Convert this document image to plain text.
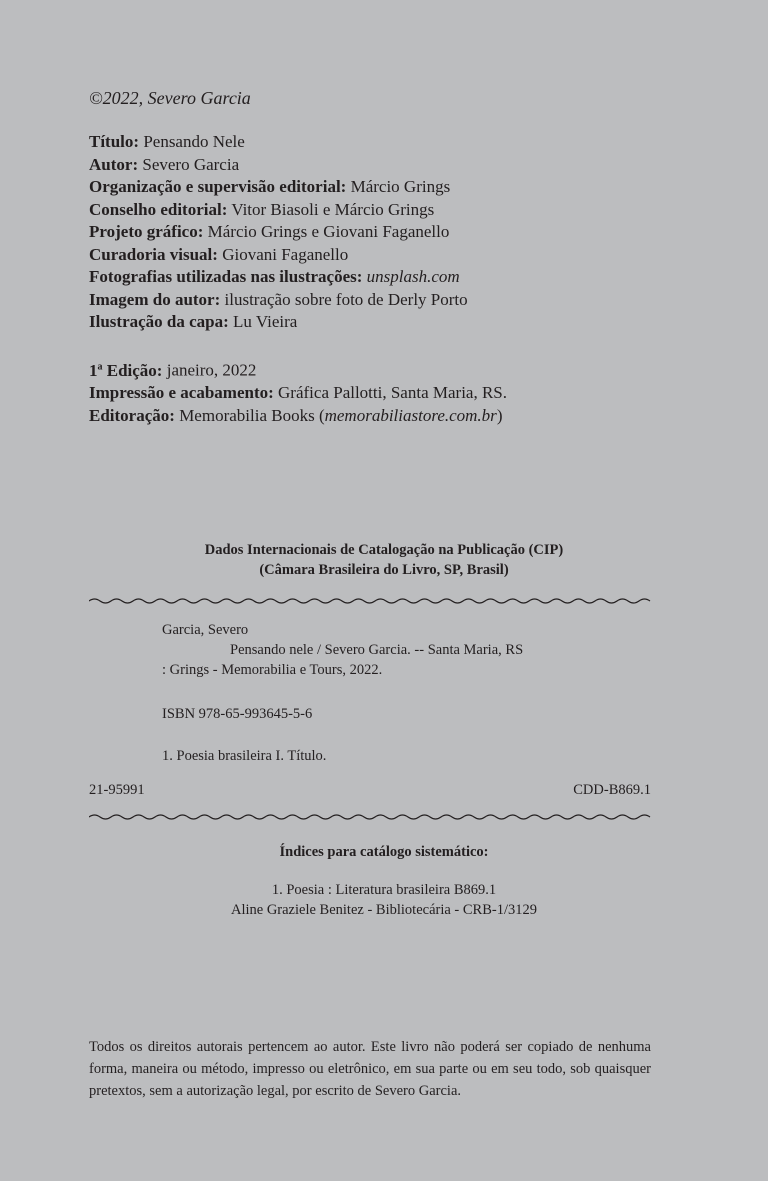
©2022, Severo Garcia
Título: Pensando Nele
Autor: Severo Garcia
Organização e supervisão editorial: Márcio Grings
Conselho editorial: Vitor Biasoli e Márcio Grings
Projeto gráfico: Márcio Grings e Giovani Faganello
Curadoria visual: Giovani Faganello
Fotografias utilizadas nas ilustrações: unsplash.com
Imagem do autor: ilustração sobre foto de Derly Porto
Ilustração da capa: Lu Vieira
1$^a$ Edição: janeiro, 2022
Impressão e acabamento: Gráfica Pallotti, Santa Maria, RS.
Editoração: Memorabilia Books (memorabiliastore.com.br)
Dados Internacionais de Catalogação na Publicação (CIP)
(Câmara Brasileira do Livro, SP, Brasil)
Garcia, Severo
Pensando nele / Severo Garcia. -- Santa Maria, RS
: Grings - Memorabilia e Tours, 2022.
ISBN 978-65-993645-5-6
1. Poesia brasileira I. Título.
21-95991	CDD-B869.1
Índices para catálogo sistemático:
1. Poesia : Literatura brasileira B869.1
Aline Graziele Benitez - Bibliotecária - CRB-1/3129
Todos os direitos autorais pertencem ao autor. Este livro não poderá ser copiado de nenhuma forma, maneira ou método, impresso ou eletrônico, em sua parte ou em seu todo, sob quaisquer pretextos, sem a autorização legal, por escrito de Severo Garcia.
